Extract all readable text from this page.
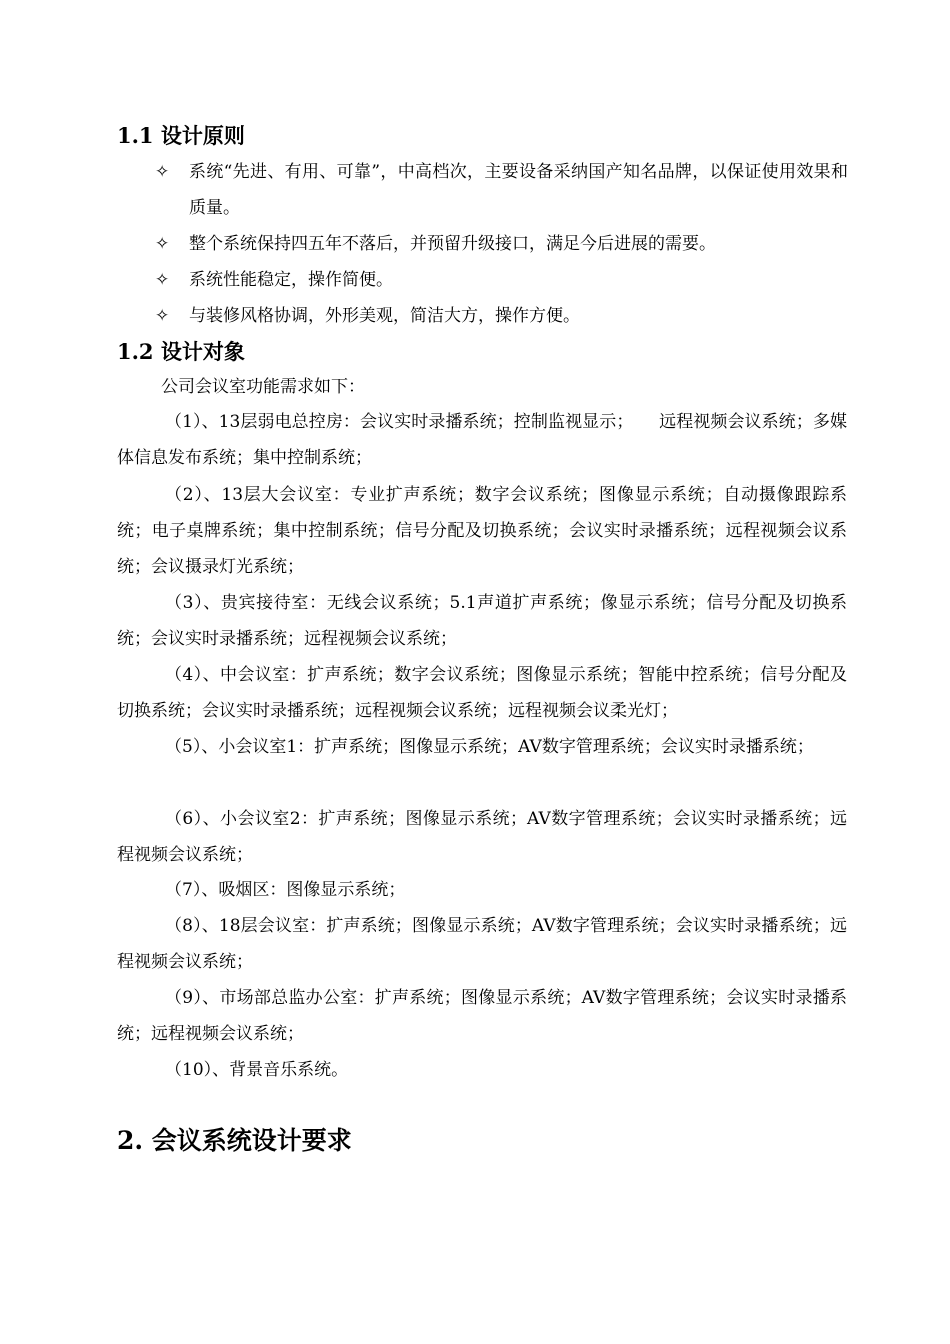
1.1 设计原则
✧	系统“先进、有用、可靠”，中高档次，主要设备采纳国产知名品牌，以保证使用效果和质量。
✧	整个系统保持四五年不落后，并预留升级接口，满足今后进展的需要。
✧	系统性能稳定，操作简便。
✧	与装修风格协调，外形美观，简洁大方，操作方便。
1.2 设计对象
公司会议室功能需求如下：
（1）、13层弱电总控房：会议实时录播系统；控制监视显示；　　远程视频会议系统；多媒体信息发布系统；集中控制系统；
（2）、13层大会议室：专业扩声系统；数字会议系统；图像显示系统；自动摄像跟踪系统；电子桌牌系统；集中控制系统；信号分配及切换系统；会议实时录播系统；远程视频会议系统；会议摄录灯光系统；
（3）、贵宾接待室：无线会议系统；5.1声道扩声系统；像显示系统；信号分配及切换系统；会议实时录播系统；远程视频会议系统；
（4）、中会议室：扩声系统；数字会议系统；图像显示系统；智能中控系统；信号分配及切换系统；会议实时录播系统；远程视频会议系统；远程视频会议柔光灯；
（5）、小会议室1：扩声系统；图像显示系统；AV数字管理系统；会议实时录播系统；
（6）、小会议室2：扩声系统；图像显示系统；AV数字管理系统；会议实时录播系统；远程视频会议系统；
（7）、吸烟区：图像显示系统；
（8）、18层会议室：扩声系统；图像显示系统；AV数字管理系统；会议实时录播系统；远程视频会议系统；
（9）、市场部总监办公室：扩声系统；图像显示系统；AV数字管理系统；会议实时录播系统；远程视频会议系统；
（10）、背景音乐系统。
2. 会议系统设计要求
